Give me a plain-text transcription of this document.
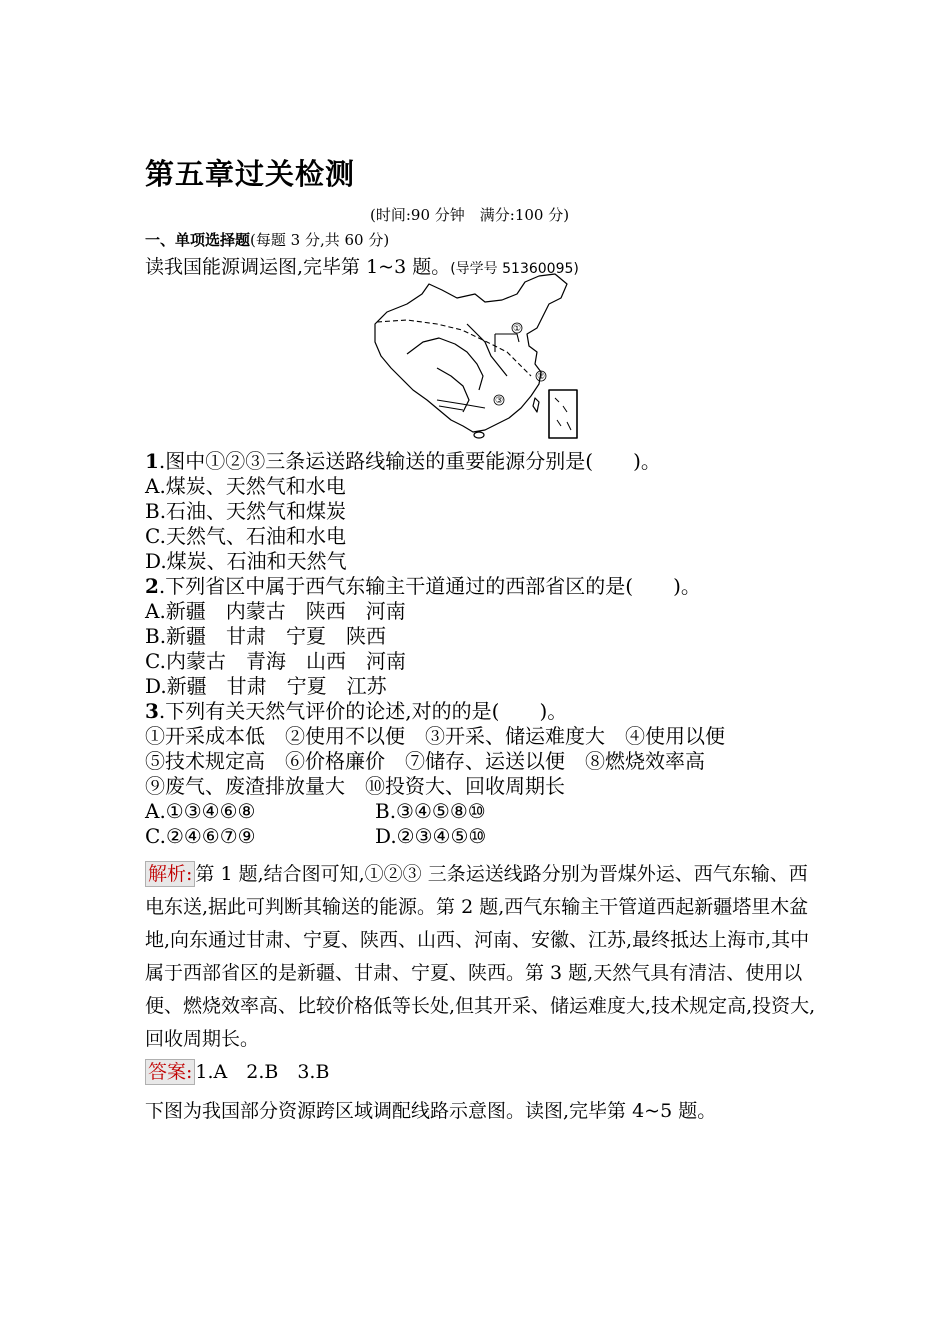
第五章过关检测
(时间:90 分钟　满分:100 分)
一、单项选择题(每题 3 分,共 60 分)
读我国能源调运图,完毕第 1~3 题。(导学号 51360095)
①
②
③
1.图中①②③三条运送路线输送的重要能源分别是(　　)。
A.煤炭、天然气和水电
B.石油、天然气和煤炭
C.天然气、石油和水电
D.煤炭、石油和天然气
2.下列省区中属于西气东输主干道通过的西部省区的是(　　)。
A.新疆　内蒙古　陕西　河南
B.新疆　甘肃　宁夏　陕西
C.内蒙古　青海　山西　河南
D.新疆　甘肃　宁夏　江苏
3.下列有关天然气评价的论述,对的的是(　　)。
①开采成本低　②使用不以便　③开采、储运难度大　④使用以便
⑤技术规定高　⑥价格廉价　⑦储存、运送以便　⑧燃烧效率高
⑨废气、废渣排放量大　⑩投资大、回收周期长
A.①③④⑥⑧	B.③④⑤⑧⑩
C.②④⑥⑦⑨	D.②③④⑤⑩
解析: 第 1 题,结合图可知,①②③ 三条运送线路分别为晋煤外运、西气东输、西电东送,据此可判断其输送的能源。第 2 题,西气东输主干管道西起新疆塔里木盆地,向东通过甘肃、宁夏、陕西、山西、河南、安徽、江苏,最终抵达上海市,其中属于西部省区的是新疆、甘肃、宁夏、陕西。第 3 题,天然气具有清洁、使用以便、燃烧效率高、比较价格低等长处,但其开采、储运难度大,技术规定高,投资大,回收周期长。
答案: 1.A　2.B　3.B
下图为我国部分资源跨区域调配线路示意图。读图,完毕第 4~5 题。
